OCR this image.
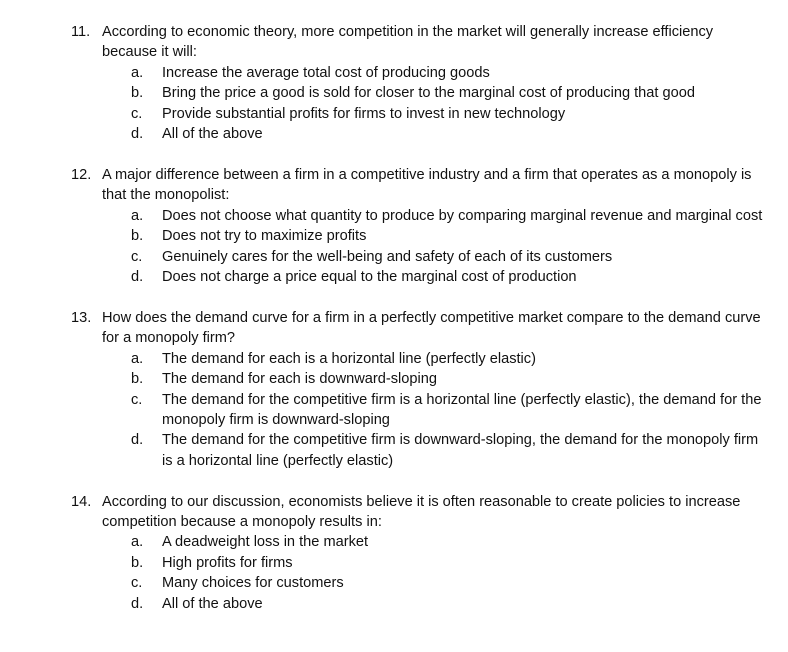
11. According to economic theory, more competition in the market will generally increase efficiency because it will:
a. Increase the average total cost of producing goods
b. Bring the price a good is sold for closer to the marginal cost of producing that good
c. Provide substantial profits for firms to invest in new technology
d. All of the above
12. A major difference between a firm in a competitive industry and a firm that operates as a monopoly is that the monopolist:
a. Does not choose what quantity to produce by comparing marginal revenue and marginal cost
b. Does not try to maximize profits
c. Genuinely cares for the well-being and safety of each of its customers
d. Does not charge a price equal to the marginal cost of production
13. How does the demand curve for a firm in a perfectly competitive market compare to the demand curve for a monopoly firm?
a. The demand for each is a horizontal line (perfectly elastic)
b. The demand for each is downward-sloping
c. The demand for the competitive firm is a horizontal line (perfectly elastic), the demand for the monopoly firm is downward-sloping
d. The demand for the competitive firm is downward-sloping, the demand for the monopoly firm is a horizontal line (perfectly elastic)
14. According to our discussion, economists believe it is often reasonable to create policies to increase competition because a monopoly results in:
a. A deadweight loss in the market
b. High profits for firms
c. Many choices for customers
d. All of the above
